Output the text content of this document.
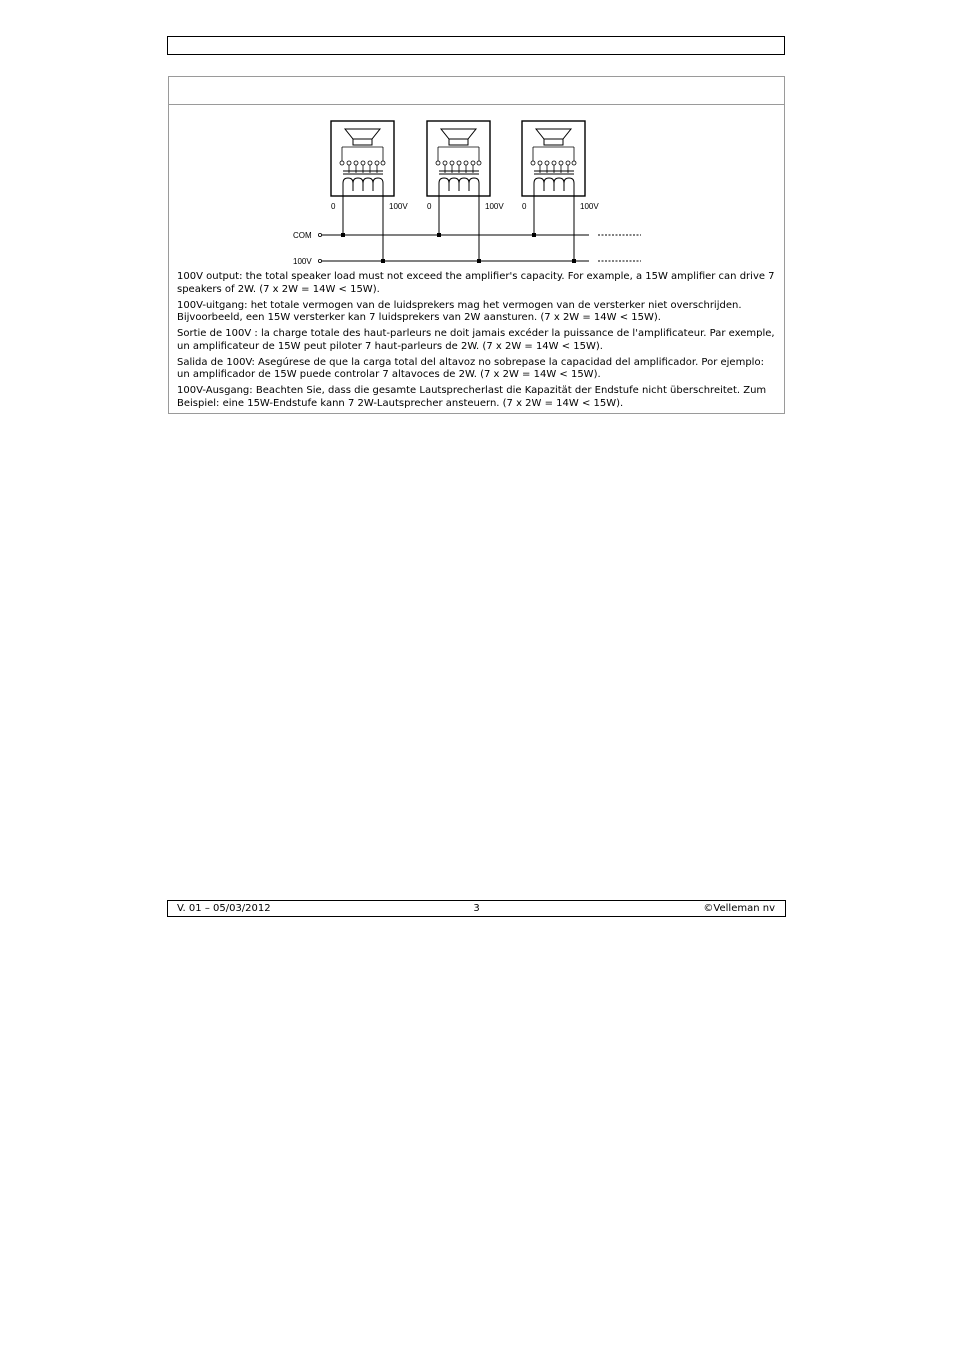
0	100V 0	100V 0	100V
COM
100V

100V output: the total speaker load must not exceed the amplifier's capacity. For example, a 15W amplifier can drive 7 speakers of 2W. (7 x 2W = 14W < 15W).

100V-uitgang: het totale vermogen van de luidsprekers mag het vermogen van de versterker niet overschrijden. Bijvoorbeeld, een 15W versterker kan 7 luidsprekers van 2W aansturen. (7 x 2W = 14W < 15W).

Sortie de 100V : la charge totale des haut-parleurs ne doit jamais excéder la puissance de l'amplificateur. Par exemple, un amplificateur de 15W peut piloter 7 haut-parleurs de 2W. (7 x 2W = 14W < 15W).

Salida de 100V: Asegúrese de que la carga total del altavoz no sobrepase la capacidad del amplificador. Por ejemplo: un amplificador de 15W puede controlar 7 altavoces de 2W. (7 x 2W = 14W < 15W).

100V-Ausgang: Beachten Sie, dass die gesamte Lautsprecherlast die Kapazität der Endstufe nicht überschreitet. Zum Beispiel: eine 15W-Endstufe kann 7 2W-Lautsprecher ansteuern. (7 x 2W = 14W < 15W).

V. 01 – 05/03/2012	3	©Velleman nv
